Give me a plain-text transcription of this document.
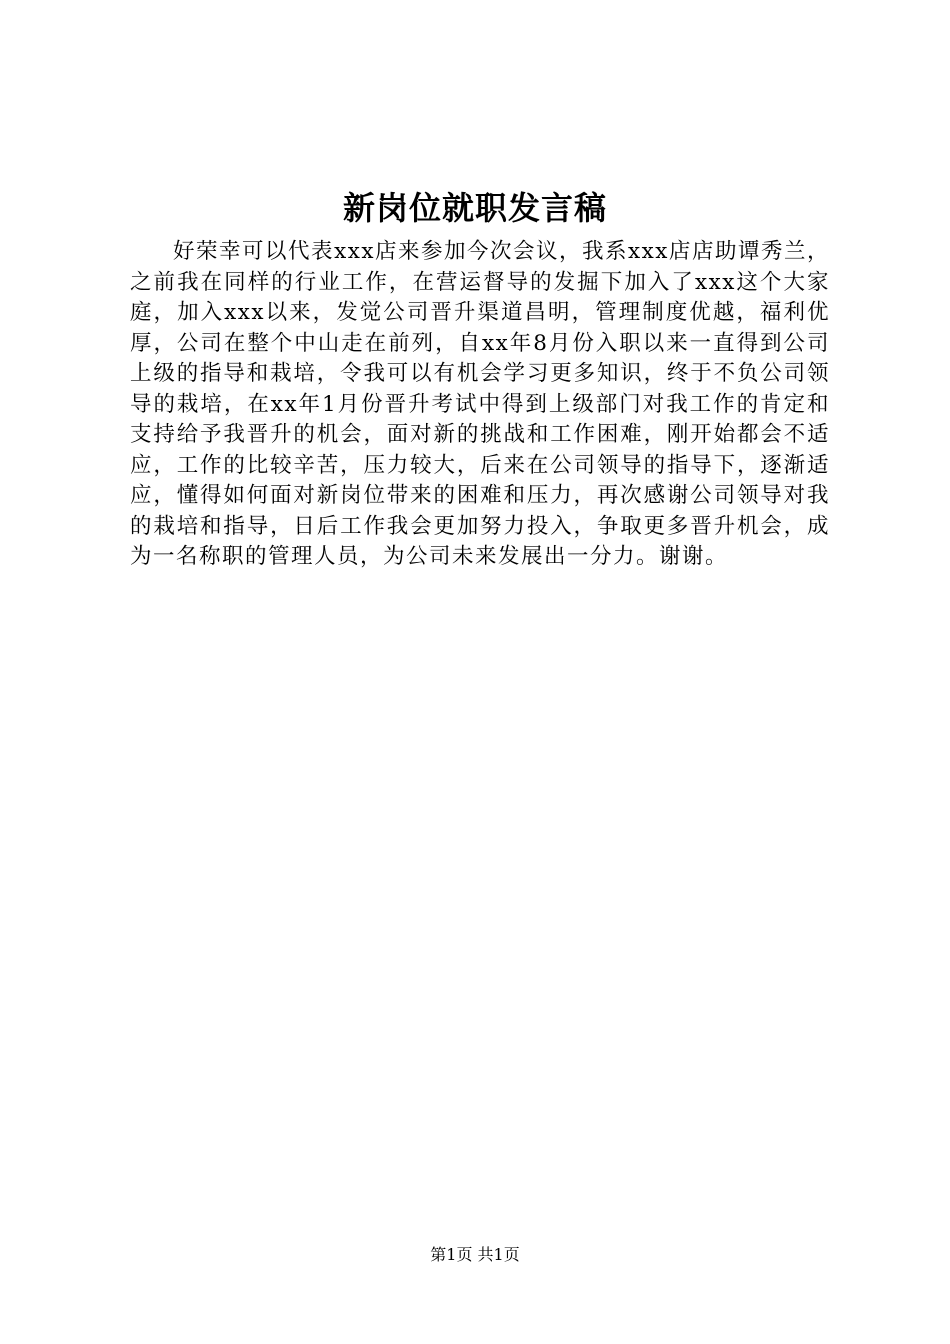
新岗位就职发言稿
好荣幸可以代表xxx店来参加今次会议，我系xxx店店助谭秀兰，之前我在同样的行业工作，在营运督导的发掘下加入了xxx这个大家庭，加入xxx以来，发觉公司晋升渠道昌明，管理制度优越，福利优厚，公司在整个中山走在前列，自xx年8月份入职以来一直得到公司上级的指导和栽培，令我可以有机会学习更多知识，终于不负公司领导的栽培，在xx年1月份晋升考试中得到上级部门对我工作的肯定和支持给予我晋升的机会，面对新的挑战和工作困难，刚开始都会不适应，工作的比较辛苦，压力较大，后来在公司领导的指导下，逐渐适应，懂得如何面对新岗位带来的困难和压力，再次感谢公司领导对我的栽培和指导，日后工作我会更加努力投入，争取更多晋升机会，成为一名称职的管理人员，为公司未来发展出一分力。谢谢。
第1页 共1页
